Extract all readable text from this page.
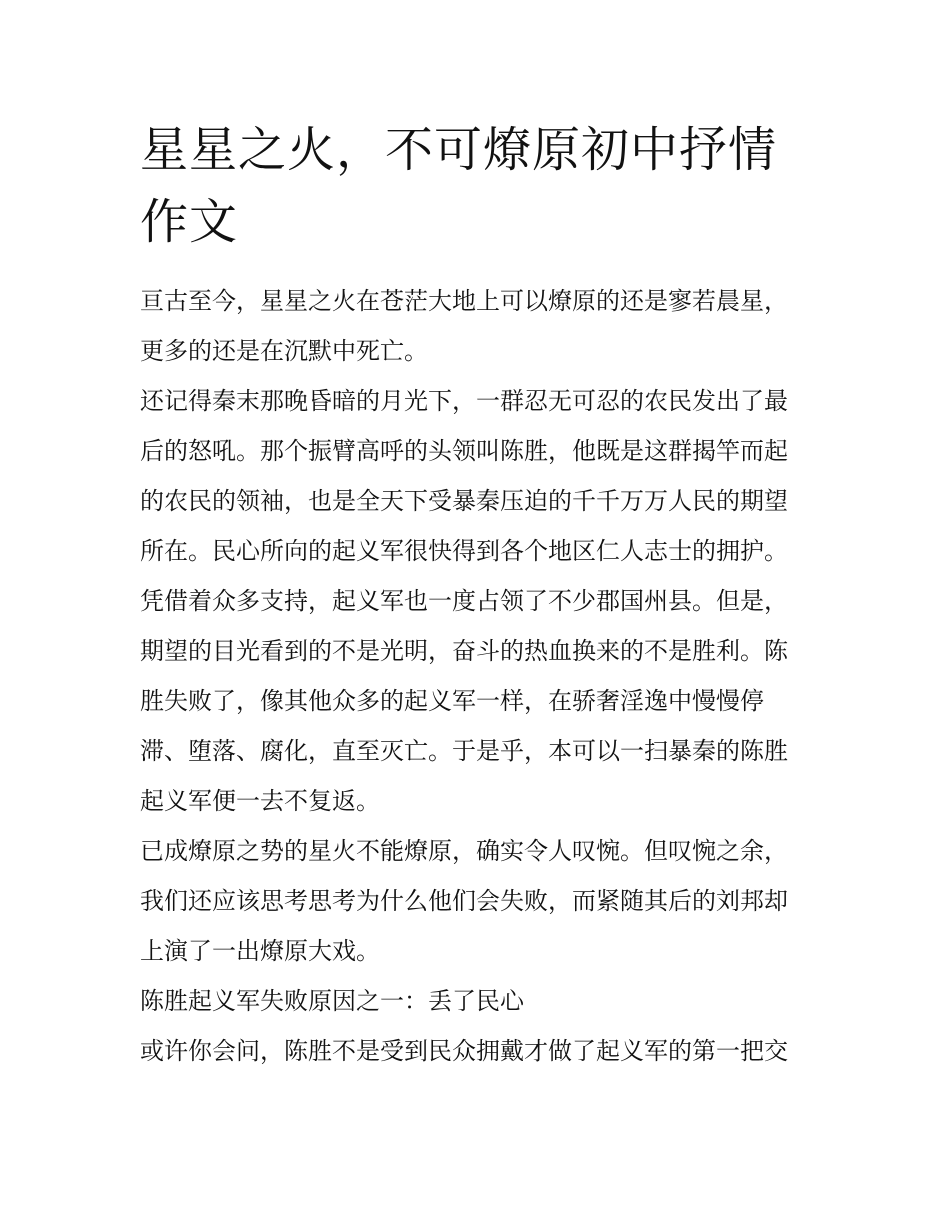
星星之火，不可燎原初中抒情
作文
亘古至今，星星之火在苍茫大地上可以燎原的还是寥若晨星，
更多的还是在沉默中死亡。
还记得秦末那晚昏暗的月光下，一群忍无可忍的农民发出了最
后的怒吼。那个振臂高呼的头领叫陈胜，他既是这群揭竿而起
的农民的领袖，也是全天下受暴秦压迫的千千万万人民的期望
所在。民心所向的起义军很快得到各个地区仁人志士的拥护。
凭借着众多支持，起义军也一度占领了不少郡国州县。但是，
期望的目光看到的不是光明，奋斗的热血换来的不是胜利。陈
胜失败了，像其他众多的起义军一样，在骄奢淫逸中慢慢停
滞、堕落、腐化，直至灭亡。于是乎，本可以一扫暴秦的陈胜
起义军便一去不复返。
已成燎原之势的星火不能燎原，确实令人叹惋。但叹惋之余，
我们还应该思考思考为什么他们会失败，而紧随其后的刘邦却
上演了一出燎原大戏。
陈胜起义军失败原因之一：丢了民心
或许你会问，陈胜不是受到民众拥戴才做了起义军的第一把交
